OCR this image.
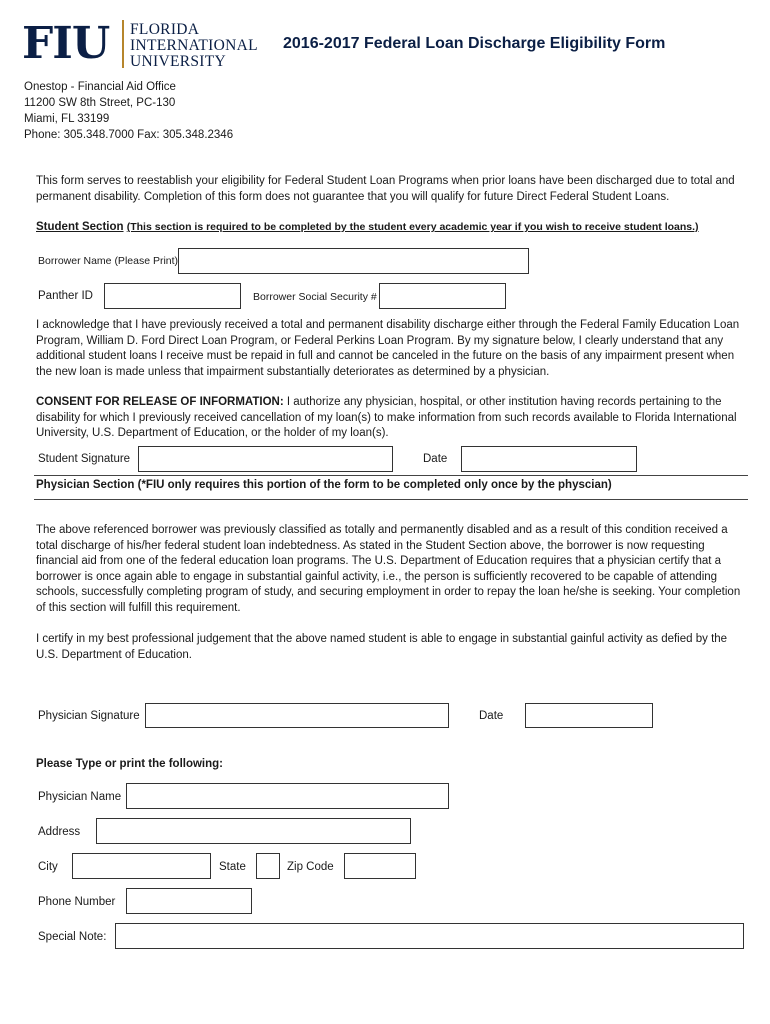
FIU FLORIDA
INTERNATIONAL
UNIVERSITY
2016-2017 Federal Loan Discharge Eligibility Form
Onestop - Financial Aid Office
11200 SW 8th Street, PC-130
Miami, FL 33199
Phone: 305.348.7000 Fax: 305.348.2346
This form serves to reestablish your eligibility for Federal Student Loan Programs when prior loans have been discharged due to total and permanent disability. Completion of this form does not guarantee that you will qualify for future Direct Federal Student Loans.
Student Section (This section is required to be completed by the student every academic year if you wish to receive student loans.)
Borrower Name (Please Print)
Panther ID	Borrower Social Security #
I acknowledge that I have previously received a total and permanent disability discharge either through the Federal Family Education Loan Program, William D. Ford Direct Loan Program, or Federal Perkins Loan Program. By my signature below, I clearly understand that any additional student loans I receive must be repaid in full and cannot be canceled in the future on the basis of any impairment present when the new loan is made unless that impairment substantially deteriorates as determined by a physician.
CONSENT FOR RELEASE OF INFORMATION: I authorize any physician, hospital, or other institution having records pertaining to the disability for which I previously received cancellation of my loan(s) to make information from such records available to Florida International University, U.S. Department of Education, or the holder of my loan(s).
Student Signature	Date
Physician Section (*FIU only requires this portion of the form to be completed only once by the physcian)
The above referenced borrower was previously classified as totally and permanently disabled and as a result of this condition received a total discharge of his/her federal student loan indebtedness. As stated in the Student Section above, the borrower is now requesting financial aid from one of the federal education loan programs. The U.S. Department of Education requires that a physician certify that a borrower is once again able to engage in substantial gainful activity, i.e., the person is sufficiently recovered to be capable of attending schools, successfully completing program of study, and securing employment in order to repay the loan he/she is seeking. Your completion of this section will fulfill this requirement.
I certify in my best professional judgement that the above named student is able to engage in substantial gainful activity as defied by the U.S. Department of Education.
Physician Signature	Date
Please Type or print the following:
Physician Name
Address
City	State	Zip Code
Phone Number
Special Note:
